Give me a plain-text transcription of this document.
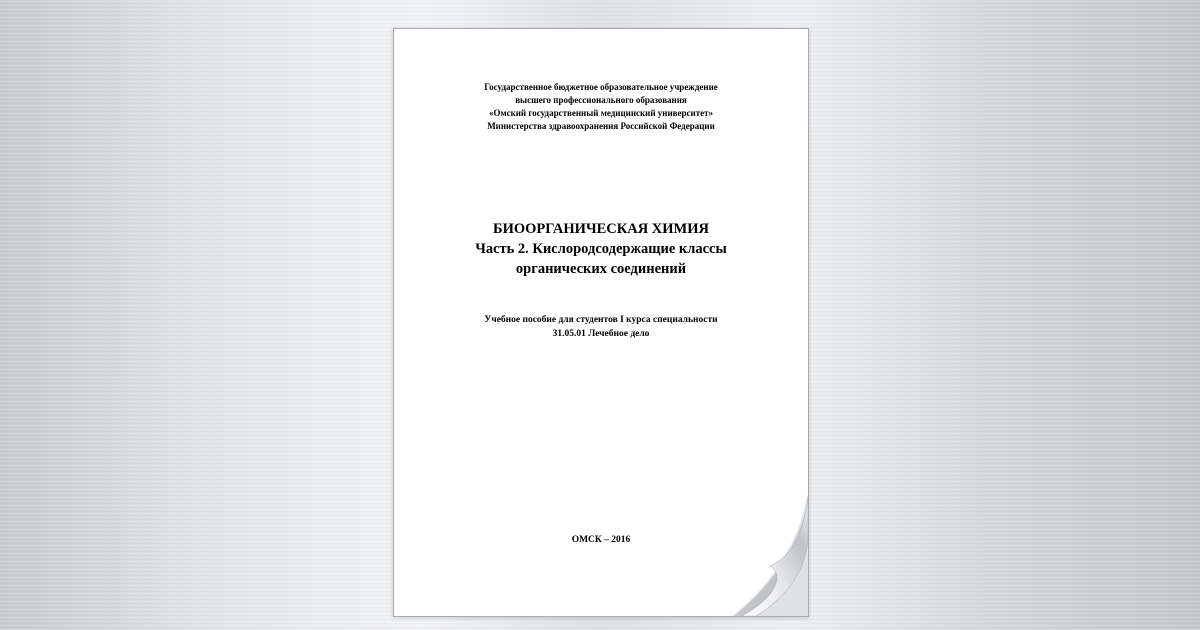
Государственное бюджетное образовательное учреждение
высшего профессионального образования
«Омский государственный медицинский университет»
Министерства здравоохранения Российской Федерации
БИООРГАНИЧЕСКАЯ ХИМИЯ
Часть 2. Кислородсодержащие классы
органических соединений
Учебное пособие для студентов I курса специальности
31.05.01 Лечебное дело
ОМСК – 2016
